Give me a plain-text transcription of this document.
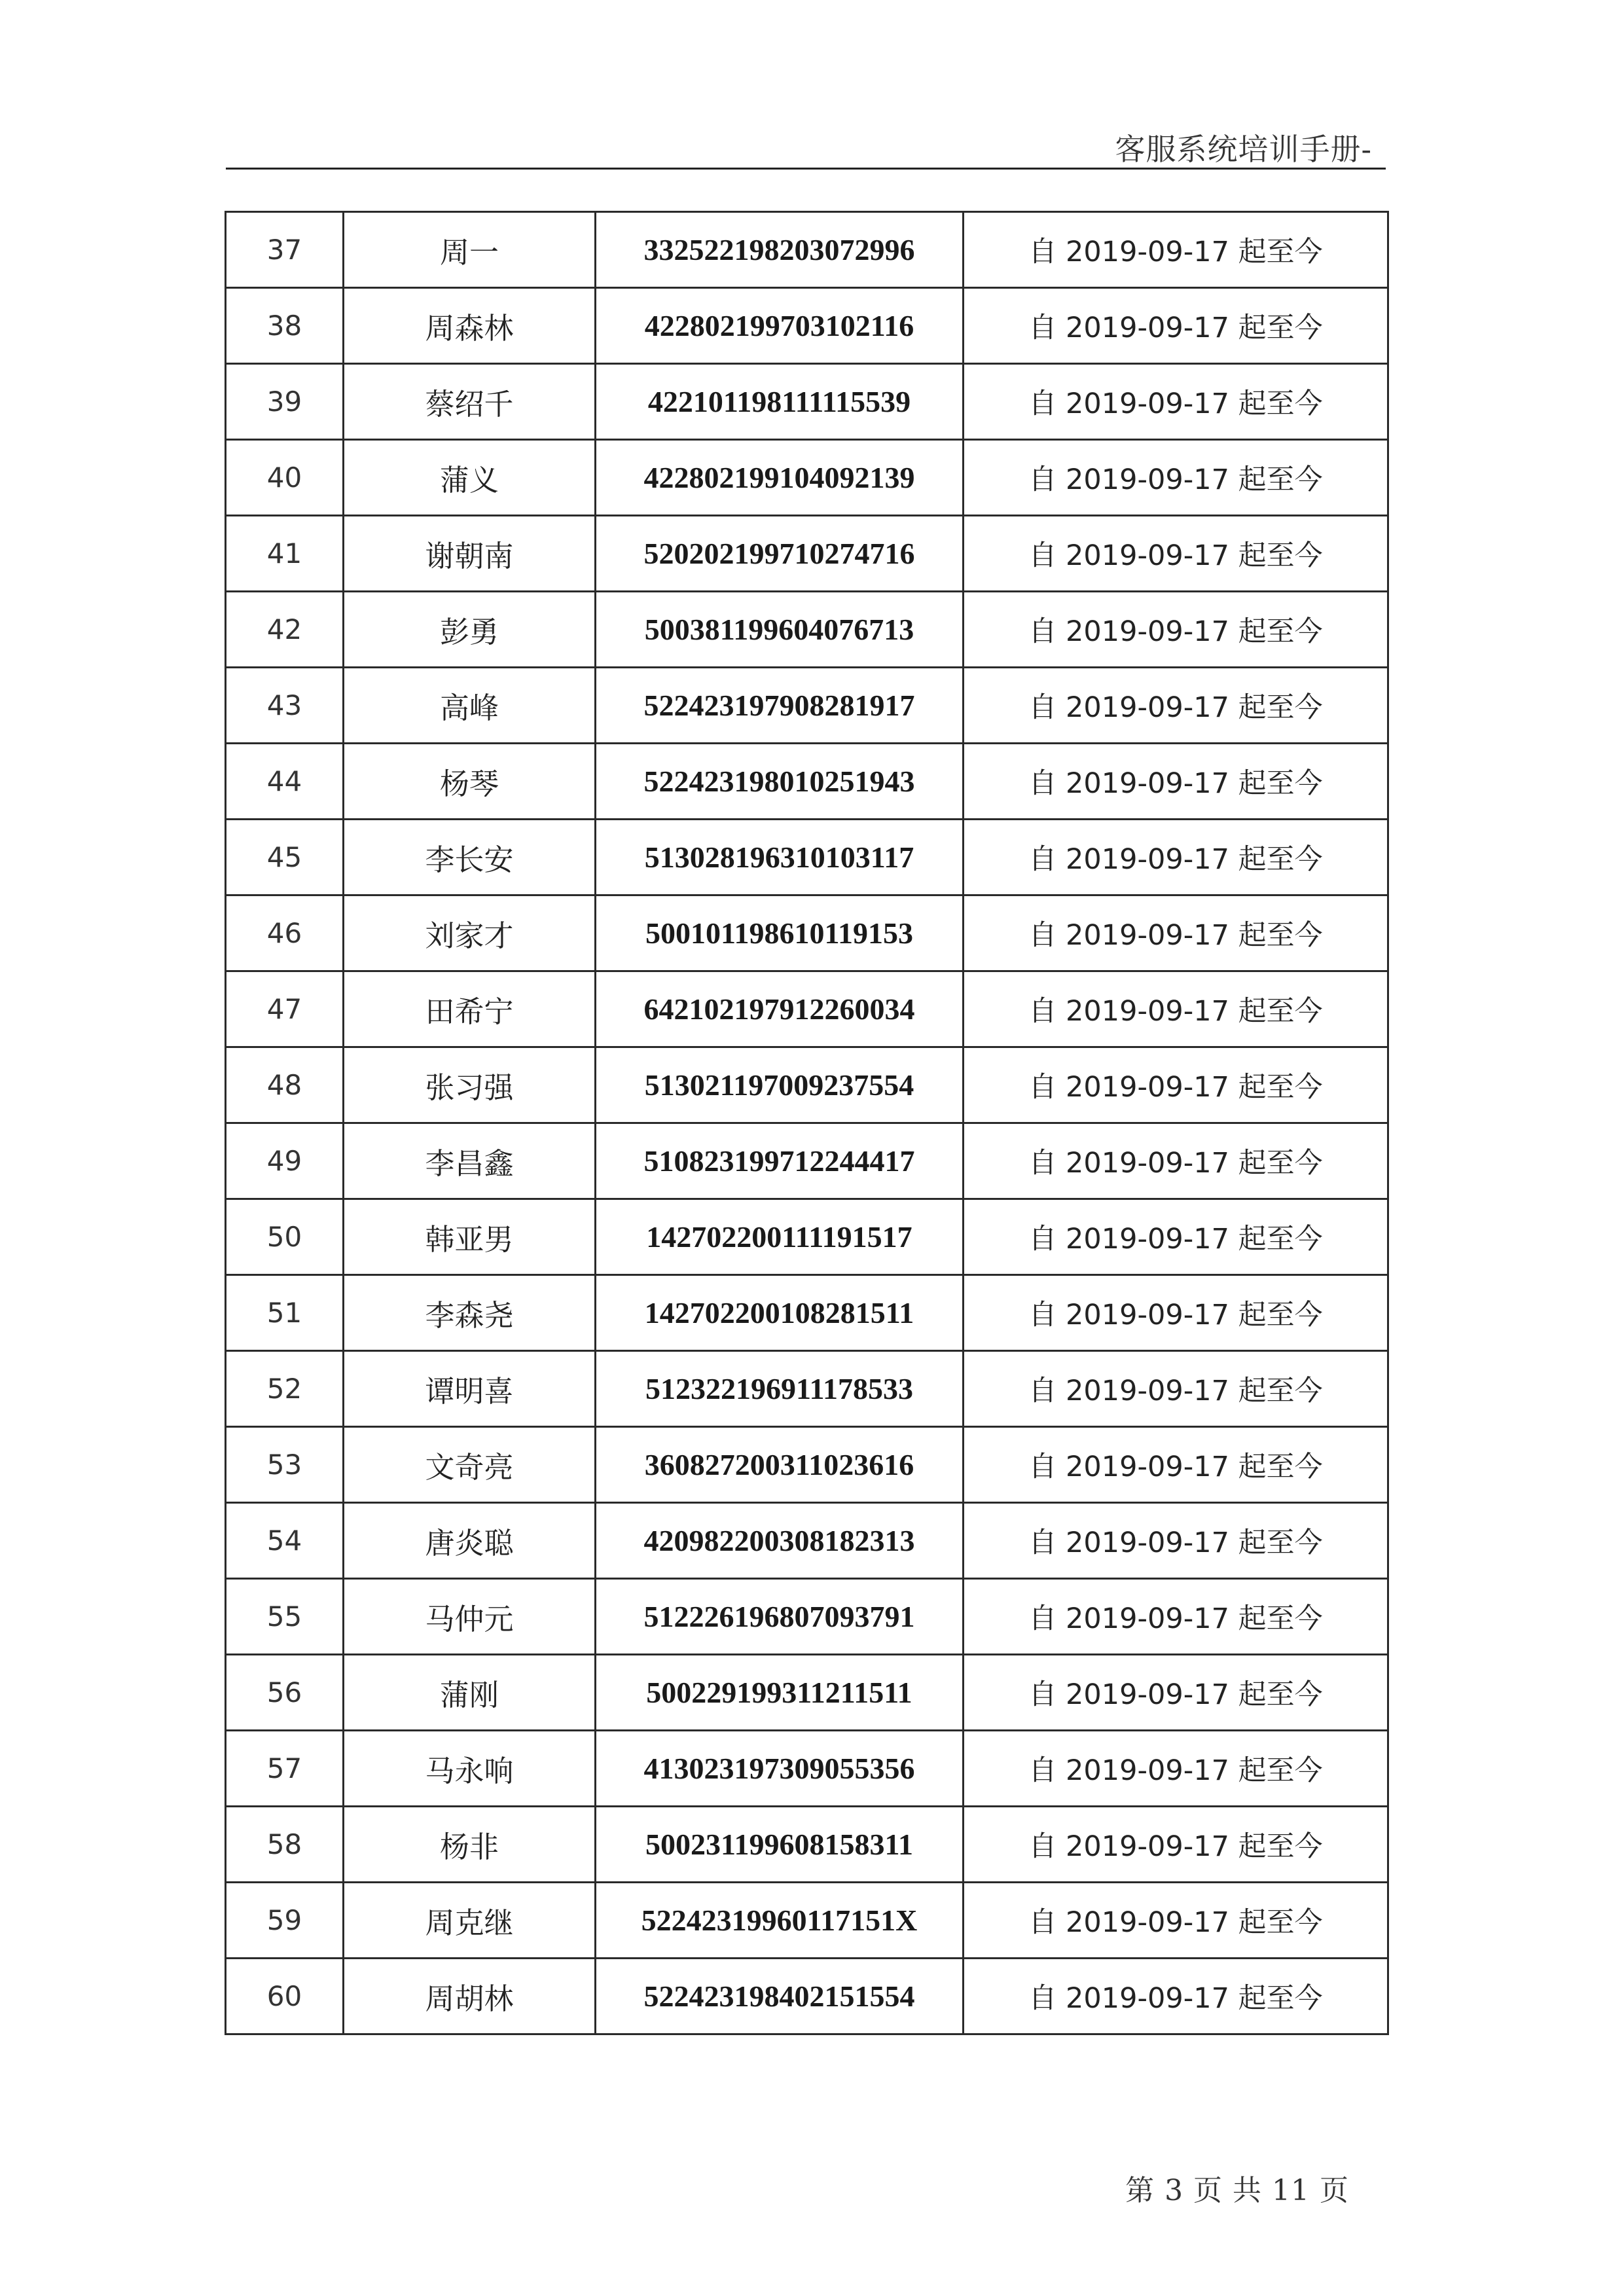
客服系统培训手册-
37	周一	332522198203072996	自 2019-09-17 起至今
38	周森林	422802199703102116	自 2019-09-17 起至今
39	蔡绍千	422101198111115539	自 2019-09-17 起至今
40	蒲义	422802199104092139	自 2019-09-17 起至今
41	谢朝南	520202199710274716	自 2019-09-17 起至今
42	彭勇	500381199604076713	自 2019-09-17 起至今
43	高峰	522423197908281917	自 2019-09-17 起至今
44	杨琴	522423198010251943	自 2019-09-17 起至今
45	李长安	513028196310103117	自 2019-09-17 起至今
46	刘家才	500101198610119153	自 2019-09-17 起至今
47	田希宁	642102197912260034	自 2019-09-17 起至今
48	张习强	513021197009237554	自 2019-09-17 起至今
49	李昌鑫	510823199712244417	自 2019-09-17 起至今
50	韩亚男	142702200111191517	自 2019-09-17 起至今
51	李森尧	142702200108281511	自 2019-09-17 起至今
52	谭明喜	512322196911178533	自 2019-09-17 起至今
53	文奇亮	360827200311023616	自 2019-09-17 起至今
54	唐炎聪	420982200308182313	自 2019-09-17 起至今
55	马仲元	512226196807093791	自 2019-09-17 起至今
56	蒲刚	500229199311211511	自 2019-09-17 起至今
57	马永响	413023197309055356	自 2019-09-17 起至今
58	杨非	500231199608158311	自 2019-09-17 起至今
59	周克继	52242319960117151X	自 2019-09-17 起至今
60	周胡林	522423198402151554	自 2019-09-17 起至今
第 3 页 共 11 页
